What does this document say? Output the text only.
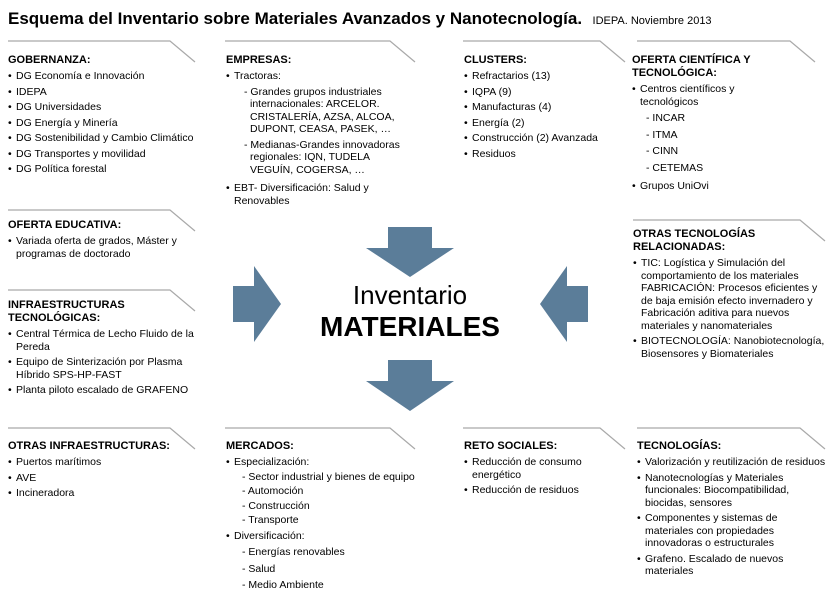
Esquema del Inventario sobre Materiales Avanzados y Nanotecnología. IDEPA. Noviembre 2013
Inventario
MATERIALES
GOBERNANZA:
• DG Economía e Innovación
• IDEPA
• DG Universidades
• DG Energía y Minería
• DG Sostenibilidad y Cambio Climático
• DG Transportes y movilidad
• DG Política forestal
EMPRESAS:
• Tractoras:
- Grandes grupos industriales internacionales: ARCELOR. CRISTALERÍA, AZSA, ALCOA, DUPONT, CEASA, PASEK, …
- Medianas-Grandes innovadoras regionales: IQN, TUDELA VEGUÍN, COGERSA, …
• EBT- Diversificación: Salud y Renovables
CLUSTERS:
• Refractarios (13)
• IQPA (9)
• Manufacturas (4)
• Energía (2)
• Construcción (2) Avanzada
• Residuos
OFERTA CIENTÍFICA Y TECNOLÓGICA:
• Centros científicos y tecnológicos
- INCAR
- ITMA
- CINN
- CETEMAS
• Grupos UniOvi
OFERTA EDUCATIVA:
• Variada oferta de grados, Máster y programas de doctorado
INFRAESTRUCTURAS TECNOLÓGICAS:
• Central Térmica de Lecho Fluido de la Pereda
• Equipo de Sinterización por Plasma Híbrido SPS-HP-FAST
• Planta piloto escalado de GRAFENO
OTRAS TECNOLOGÍAS RELACIONADAS:
• TIC: Logística y Simulación del comportamiento de los materiales FABRICACIÓN: Procesos eficientes y de baja emisión efecto invernadero y Fabricación aditiva para nuevos materiales y nanomateriales
• BIOTECNOLOGÍA: Nanobiotecnología, Biosensores y Biomateriales
OTRAS INFRAESTRUCTURAS:
• Puertos marítimos
• AVE
• Incineradora
MERCADOS:
• Especialización:
- Sector industrial y bienes de equipo
- Automoción
- Construcción
- Transporte
• Diversificación:
- Energías renovables
- Salud
- Medio Ambiente
RETO SOCIALES:
• Reducción de consumo energético
• Reducción de residuos
TECNOLOGÍAS:
• Valorización y reutilización de residuos
• Nanotecnologías y Materiales funcionales: Biocompatibilidad, biocidas, sensores
• Componentes y sistemas de materiales con propiedades innovadoras o estructurales
• Grafeno. Escalado de nuevos materiales
